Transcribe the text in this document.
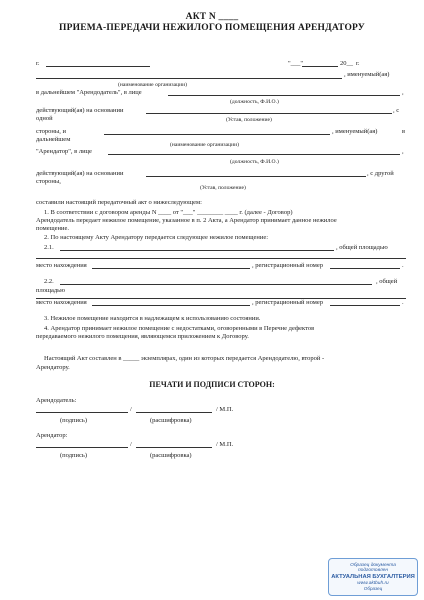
АКТ N ____
ПРИЕМА-ПЕРЕДАЧИ НЕЖИЛОГО ПОМЕЩЕНИЯ АРЕНДАТОРУ
г.	"___"	20__ г.
, именуемый(ая)
(наименование организации)
в дальнейшем "Арендодатель", в лице	,
(должность, Ф.И.О.)
действующий(ая) на основании	, с
одной	(Устав, положение)
стороны, и	, именуемый(ая)	в
дальнейшем
(наименование организации)
"Арендатор", в лице	,
(должность, Ф.И.О.)
действующий(ая) на основании	, с другой
стороны,
(Устав, положение)
составили настоящий передаточный акт о нижеследующем:
1. В соответствии с договором аренды N ____ от "___" ________ ____ г. (далее - Договор)
Арендодатель передает нежилое помещение, указанное в п. 2 Акта, а Арендатор принимает данное нежилое
помещение.
2. По настоящему Акту Арендатору передается следующее нежилое помещение:
2.1.	, общей площадью
место нахождения	, регистрационный номер	.
2.2.	, общей
площадью
место нахождения	, регистрационный номер	.
3. Нежилое помещение находится в надлежащем к использованию состоянии.
4. Арендатор принимает нежилое помещение с недостатками, оговоренными в Перечне дефектов
передаваемого нежилого помещения, являющемся приложением к Договору.
Настоящий Акт составлен в _____ экземплярах, один из которых передается Арендодателю, второй -
Арендатору.
ПЕЧАТИ И ПОДПИСИ СТОРОН:
Арендодатель:
/	/ М.П.
(подпись)	(расшифровка)
Арендатор:
/	/ М.П.
(подпись)	(расшифровка)
Образец документа
подготовлен
АКТУАЛЬНАЯ БУХГАЛТЕРИЯ
www.aktbuh.ru
Образец
